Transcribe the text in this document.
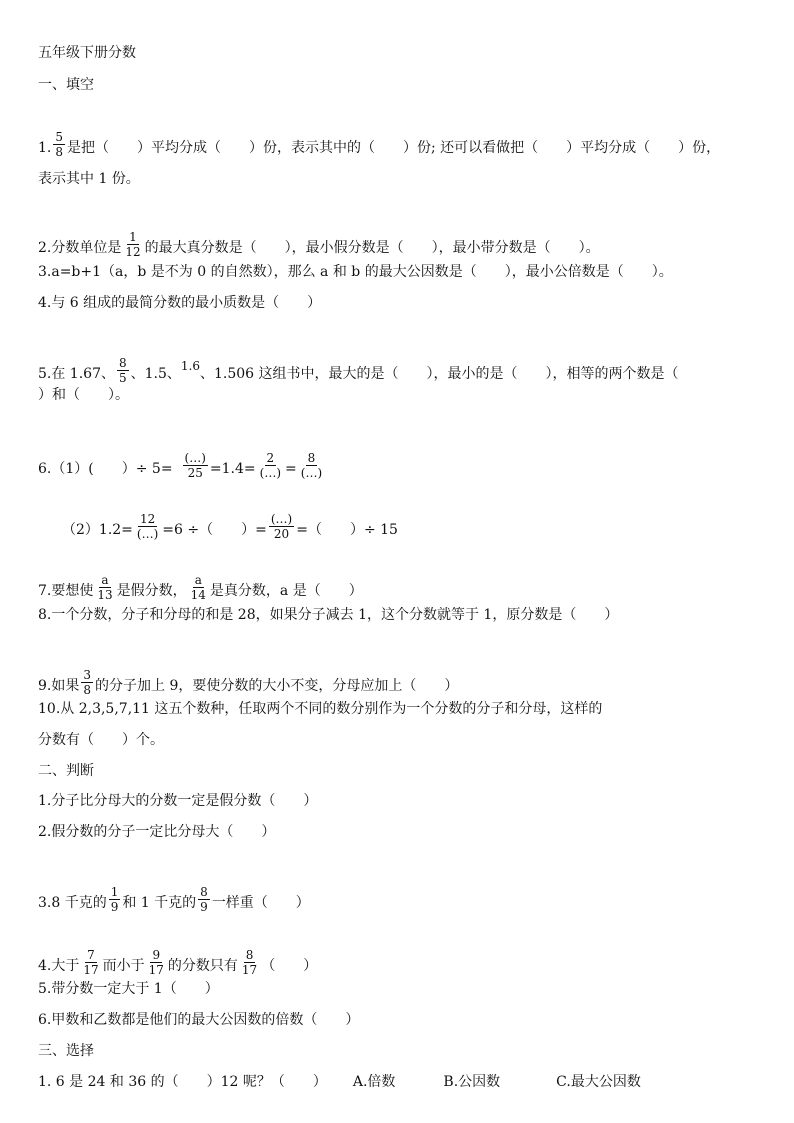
五年级下册分数
一、填空
1. $\frac{5}{8}$ 是把（　　）平均分成（　　）份，表示其中的（　　）份; 还可以看做把（　　）平均分成（　　）份，
表示其中 1 份。
2.分数单位是 $\frac{1}{12}$ 的最大真分数是（　　），最小假分数是（　　），最小带分数是（　　）。
3.a=b+1（a，b 是不为 0 的自然数），那么 a 和 b 的最大公因数是（　　），最小公倍数是（　　）。
4.与 6 组成的最简分数的最小质数是（　　）
5.在 1.67、 $\frac{8}{5}$ 、1.5、 1.6 、1.506 这组书中，最大的是（　　），最小的是（　　），相等的两个数是（
）和（　　）。
6.（1）(　　）÷ $5= \frac{(\dots)}{25} =1.4= \frac{2}{(\dots)} = \frac{8}{(\dots)}$
$(2)1.2= \frac{12}{(\dots)} =6$ ÷（　　）= $\frac{(\dots)}{20}$ =（　　）÷ 15
7.要想使 $\frac{a}{13}$ 是假分数， $\frac{a}{14}$ 是真分数，a 是（　　）
8.一个分数，分子和分母的和是 28，如果分子减去 1，这个分数就等于 1，原分数是（　　）
9.如果 $\frac{3}{8}$ 的分子加上 9，要使分数的大小不变，分母应加上（　　）
10.从 2,3,5,7,11 这五个数种，任取两个不同的数分别作为一个分数的分子和分母，这样的
分数有（　　）个。
二、判断
1.分子比分母大的分数一定是假分数（　　）
2.假分数的分子一定比分母大（　　）
3.8 千克的 $\frac{1}{9}$ 和 1 千克的 $\frac{8}{9}$ 一样重（　　）
4.大于 $\frac{7}{17}$ 而小于 $\frac{9}{17}$ 的分数只有 $\frac{8}{17}$ （　　）
5.带分数一定大于 1（　　）
6.甲数和乙数都是他们的最大公因数的倍数（　　）
三、选择
1. 6 是 24 和 36 的（　　）12 呢？（　　） A.倍数	B.公因数	C.最大公因数
